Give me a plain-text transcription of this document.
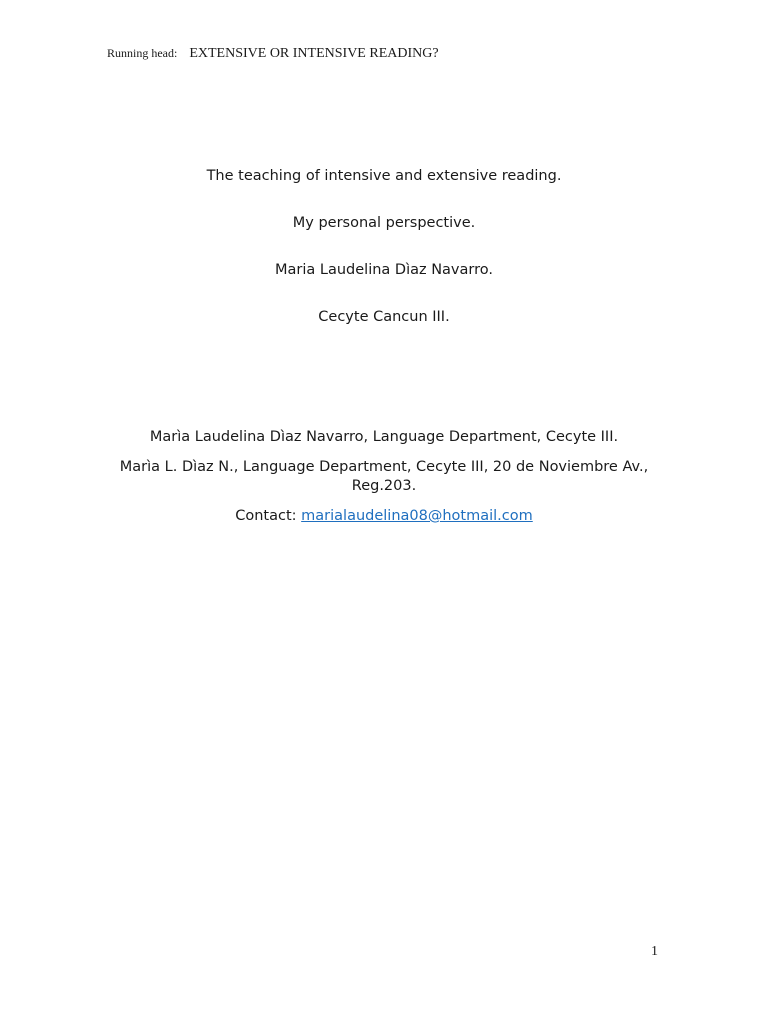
Running head: EXTENSIVE OR INTENSIVE READING?
The teaching of intensive and extensive reading.
My personal perspective.
Maria Laudelina Dìaz Navarro.
Cecyte Cancun III.
Marìa Laudelina Dìaz Navarro, Language Department, Cecyte III.
Marìa L. Dìaz N., Language Department, Cecyte III, 20 de Noviembre Av., Reg.203.
Contact: marialaudelina08@hotmail.com
1
